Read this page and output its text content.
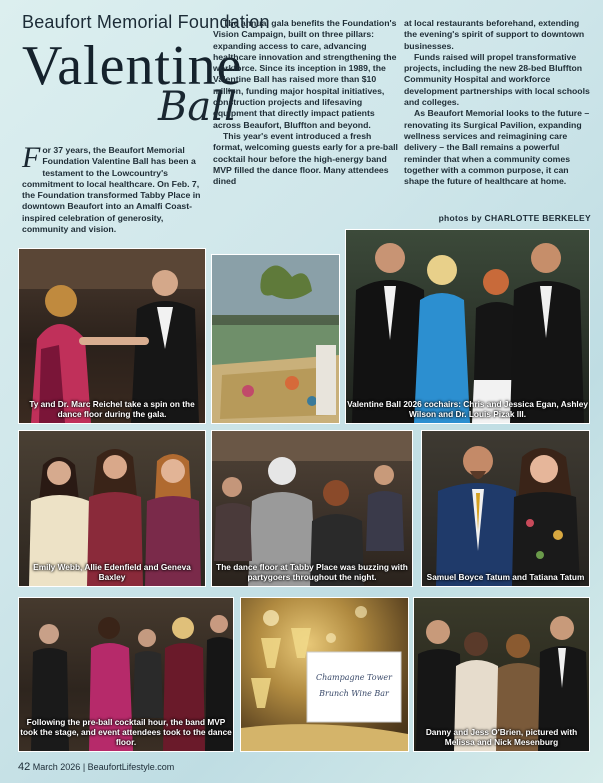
Beaufort Memorial Foundation
Valentine
Ball

For 37 years, the Beaufort Memorial Foundation Valentine Ball has been a testament to the Lowcountry's commitment to local healthcare. On Feb. 7, the Foundation transformed Tabby Place in downtown Beaufort into an Amalfi Coast-inspired celebration of generosity, community and vision.

The annual gala benefits the Foundation's Vision Campaign, built on three pillars: expanding access to care, advancing healthcare innovation and strengthening the workforce. Since its inception in 1989, the Valentine Ball has raised more than $10 million, funding major hospital initiatives, construction projects and lifesaving equipment that directly impact patients across Beaufort, Bluffton and beyond.

This year's event introduced a fresh format, welcoming guests early for a pre-ball cocktail hour before the high-energy band MVP filled the dance floor. Many attendees dined

at local restaurants beforehand, extending the evening's spirit of support to downtown businesses.

Funds raised will propel transformative projects, including the new 28-bed Bluffton Community Hospital and workforce development partnerships with local schools and colleges.

As Beaufort Memorial looks to the future – renovating its Surgical Pavilion, expanding wellness services and reimagining care delivery – the Ball remains a powerful reminder that when a community comes together with a common purpose, it can shape the future of healthcare at home.

photos by CHARLOTTE BERKELEY
Ty and Dr. Marc Reichel take a spin on the dance floor during the gala.
Valentine Ball 2026 cochairs: Chris and Jessica Egan, Ashley Wilson and Dr. Louis Pizak III.
Emily Webb, Allie Edenfield and Geneva Baxley
The dance floor at Tabby Place was buzzing with partygoers throughout the night.	Samuel Boyce Tatum and Tatiana Tatum
Following the pre-ball cocktail hour, the band MVP took the stage, and event attendees took to the dance floor.
Champagne Tower
Brunch Wine Bar
Danny and Jess O'Brien, pictured with Melissa and Nick Mesenburg
42 March 2026 | BeaufortLifestyle.com
